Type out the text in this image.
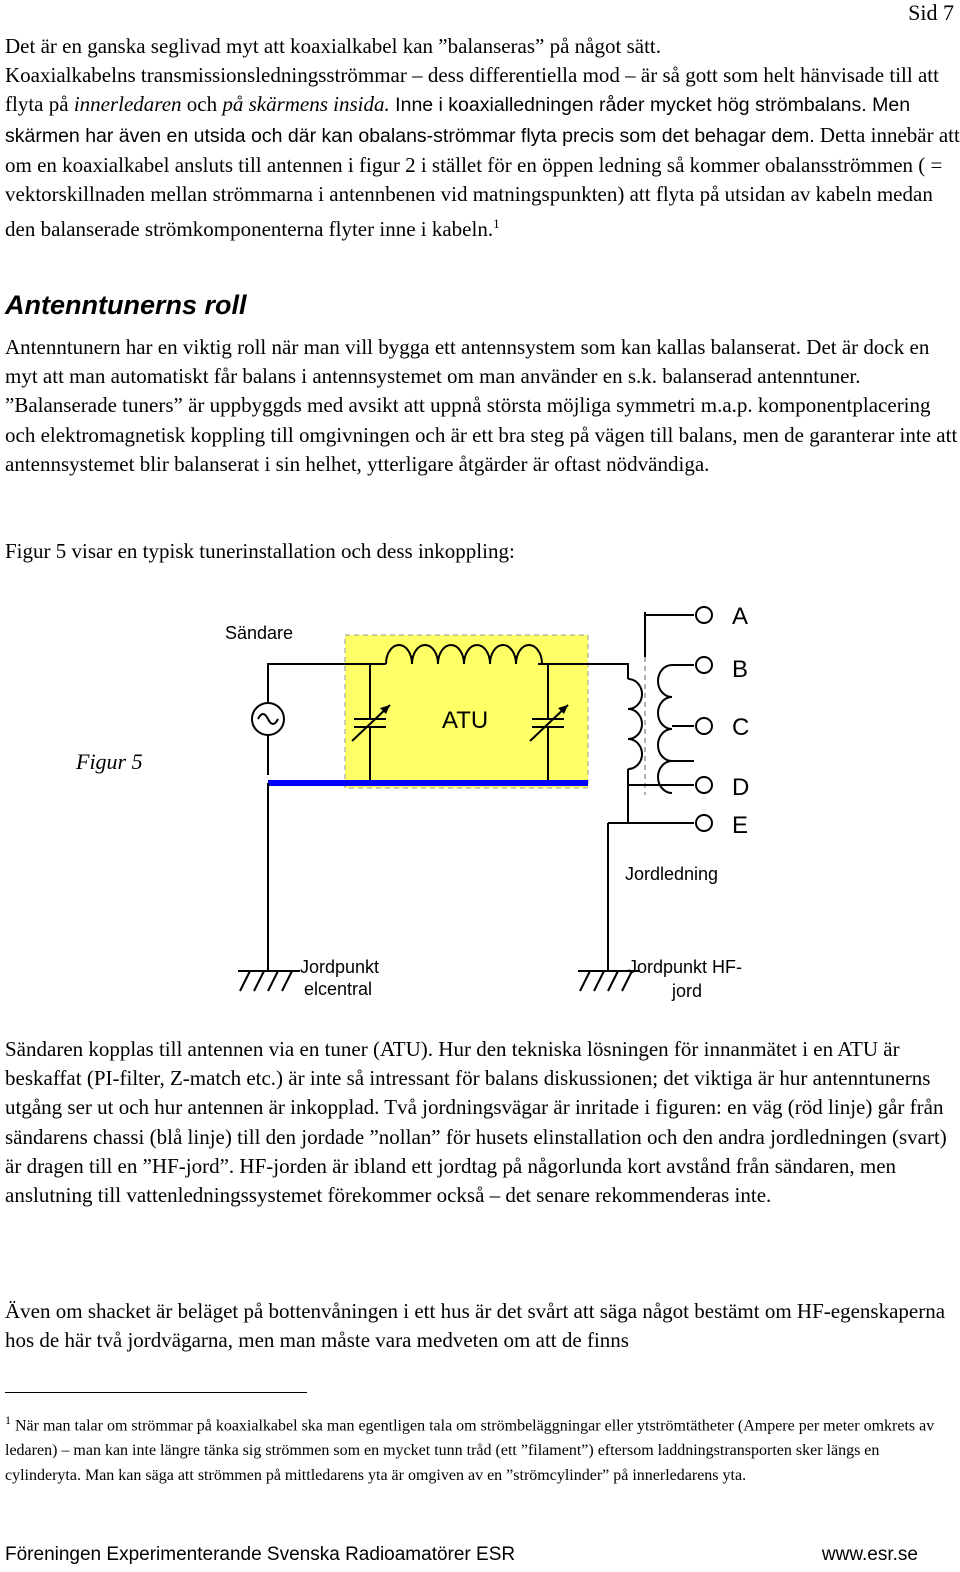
Sid 7

Det är en ganska seglivad myt att koaxialkabel kan ”balanseras” på något sätt.
Koaxialkabelns transmissionsledningsströmmar – dess differentiella mod – är så gott som helt hänvisade till att flyta på innerledaren och på skärmens insida. Inne i koaxialledningen råder mycket hög strömbalans. Men skärmen har även en utsida och där kan obalans-strömmar flyta precis som det behagar dem. Detta innebär att om en koaxialkabel ansluts till antennen i figur 2 i stället för en öppen ledning så kommer obalansströmmen ( = vektorskillnaden mellan strömmarna i antennbenen vid matningspunkten) att flyta på utsidan av kabeln medan den balanserade strömkomponenterna flyter inne i kabeln.$^1$

Antenntunerns roll

Antenntunern har en viktig roll när man vill bygga ett antennsystem som kan kallas balanserat. Det är dock en myt att man automatiskt får balans i antennsystemet om man använder en s.k. balanserad antenntuner. ”Balanserade tuners” är uppbyggds med avsikt att uppnå största möjliga symmetri m.a.p. komponentplacering och elektromagnetisk koppling till omgivningen och är ett bra steg på vägen till balans, men de garanterar inte att antennsystemet blir balanserat i sin helhet, ytterligare åtgärder är oftast nödvändiga.

Figur 5 visar en typisk tunerinstallation och dess inkoppling:

Figur 5
Sändare
ATU
A
B
C
D
E
Jordledning
Jordpunkt
elcentral
Jordpunkt HF-
jord

Sändaren kopplas till antennen via en tuner (ATU). Hur den tekniska lösningen för innanmätet i en ATU är beskaffat (PI-filter, Z-match etc.) är inte så intressant för balans diskussionen; det viktiga är hur antenntunerns utgång ser ut och hur antennen är inkopplad. Två jordningsvägar är inritade i figuren: en väg (röd linje) går från sändarens chassi (blå linje) till den jordade ”nollan” för husets elinstallation och den andra jordledningen (svart) är dragen till en ”HF-jord”. HF-jorden är ibland ett jordtag på någorlunda kort avstånd från sändaren, men anslutning till vattenledningssystemet förekommer också – det senare rekommenderas inte.

Även om shacket är beläget på bottenvåningen i ett hus är det svårt att säga något bestämt om HF-egenskaperna hos de här två jordvägarna, men man måste vara medveten om att de finns

$^1$ När man talar om strömmar på koaxialkabel ska man egentligen tala om strömbeläggningar eller ytströmtätheter (Ampere per meter omkrets av ledaren) – man kan inte längre tänka sig strömmen som en mycket tunn tråd (ett ”filament”) eftersom laddningstransporten sker längs en cylinderyta. Man kan säga att strömmen på mittledarens yta är omgiven av en ”strömcylinder” på innerledarens yta.
Föreningen Experimenterande Svenska Radioamatörer ESR	www.esr.se
